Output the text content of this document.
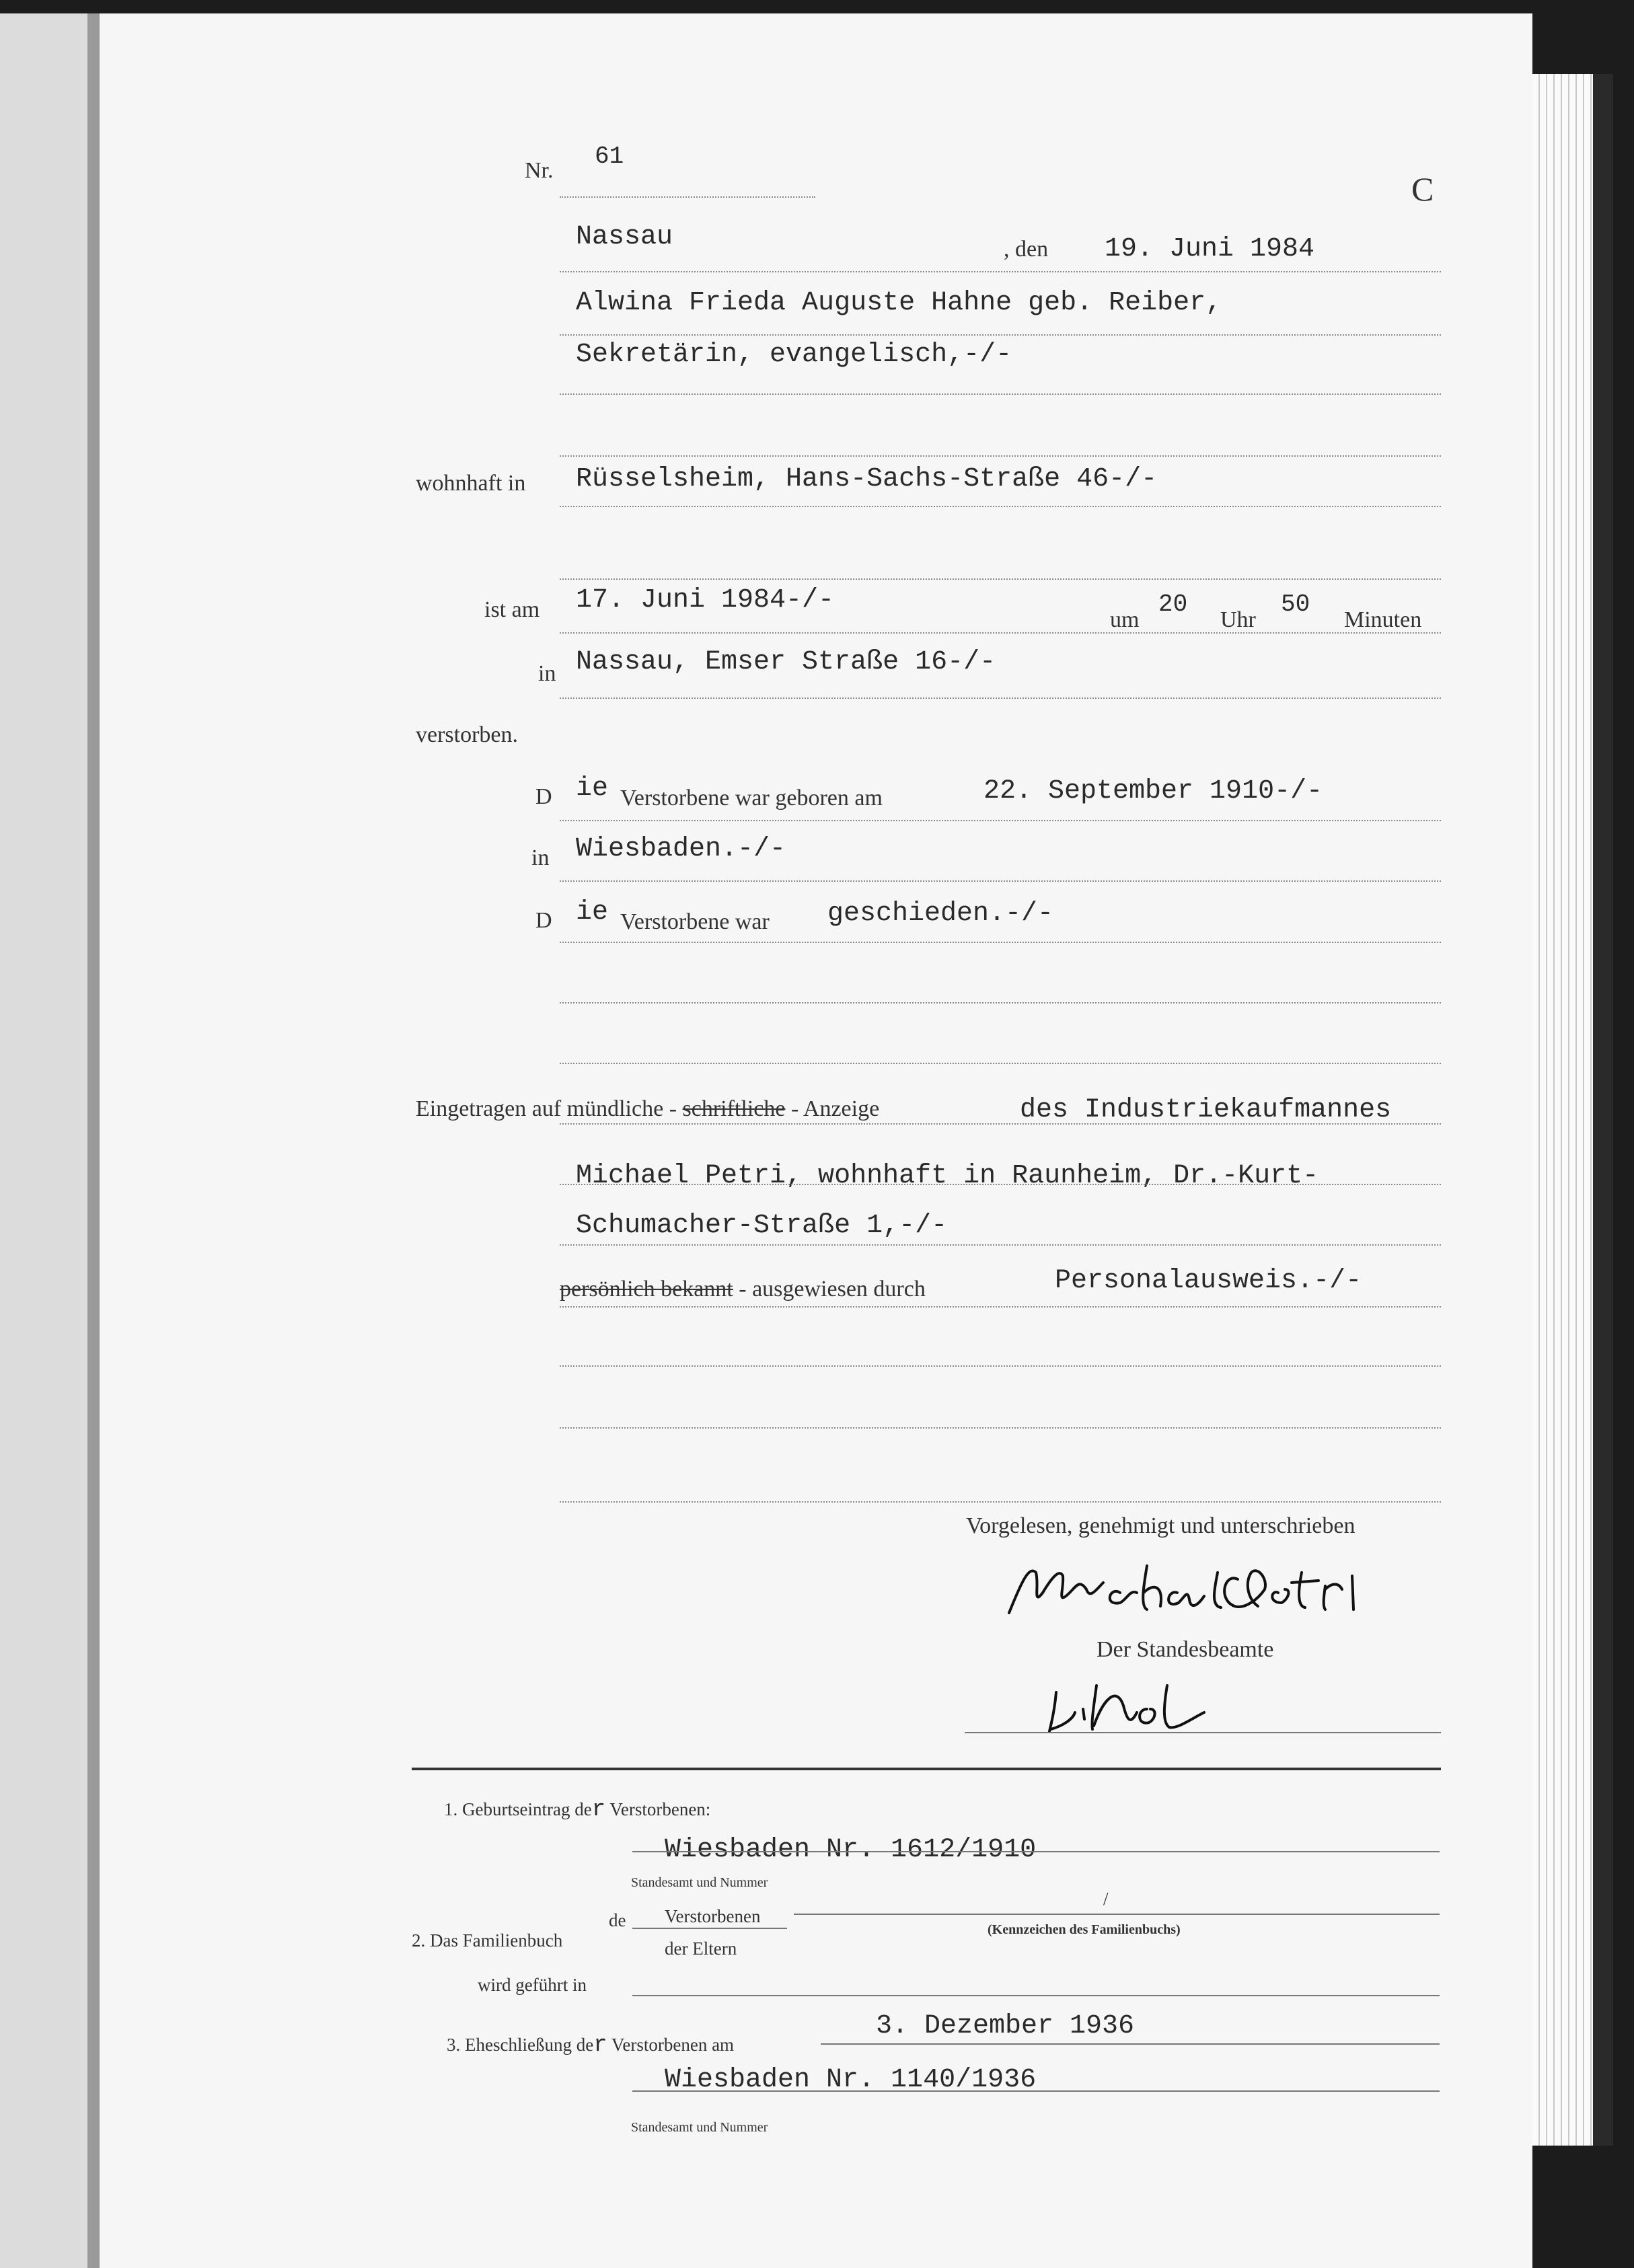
C
Nr.
61
Nassau	, den 19. Juni 1984
Alwina Frieda Auguste Hahne geb. Reiber,
Sekretärin, evangelisch,-/-
wohnhaft in Rüsselsheim, Hans-Sachs-Straße 46-/-
ist am 17. Juni 1984-/-
um
20
Uhr
50
Minuten
in Nassau, Emser Straße 16-/-
verstorben.
D ie Verstorbene war geboren am	22. September 1910-/-
in Wiesbaden.-/-
D ie Verstorbene war geschieden.-/-
Eingetragen auf mündliche - schriftliche - Anzeige	des Industriekaufmannes
Michael Petri, wohnhaft in Raunheim, Dr.-Kurt-
Schumacher-Straße 1,-/-
persönlich bekannt - ausgewiesen durch	Personalausweis.-/-
Vorgelesen, genehmigt und unterschrieben
Der Standesbeamte
1. Geburtseintrag der Verstorbenen:
Wiesbaden Nr. 1612/1910
Standesamt und Nummer
de Verstorbenen
/
(Kennzeichen des Familienbuchs)
2. Das Familienbuch	der Eltern
wird geführt in
3. Eheschließung der Verstorbenen am
3. Dezember 1936
Wiesbaden Nr. 1140/1936
Standesamt und Nummer
